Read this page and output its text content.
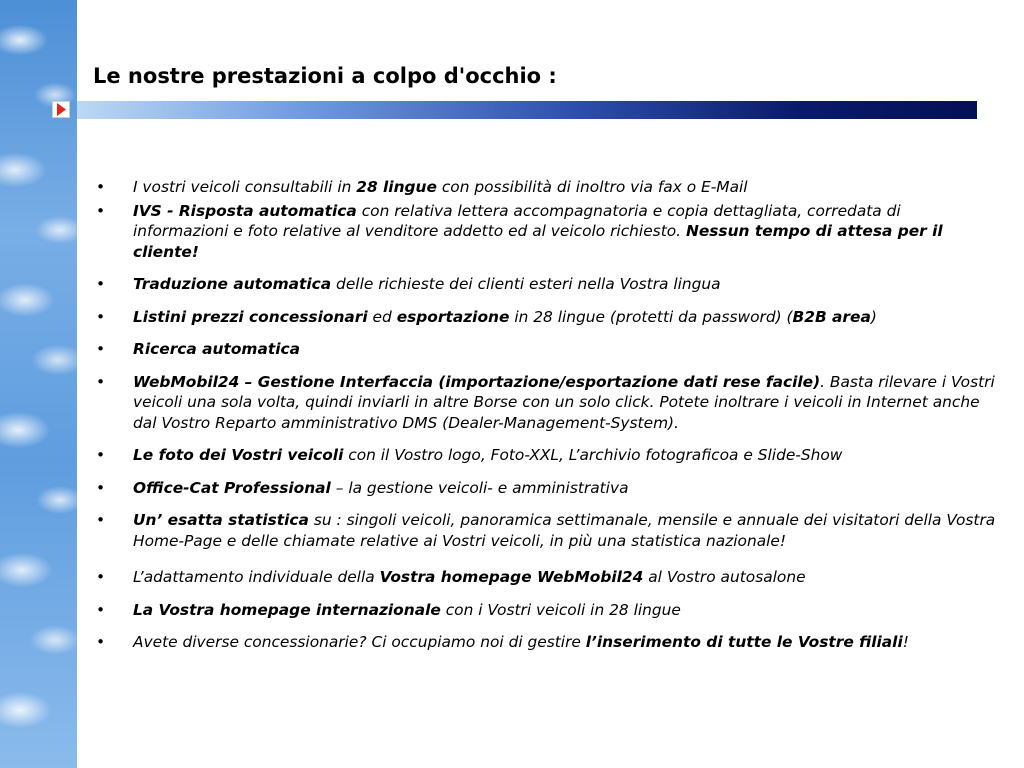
Le nostre prestazioni a colpo d'occhio :
• I vostri veicoli consultabili in 28 lingue con possibilità di inoltro via fax o E-Mail
• IVS - Risposta automatica con relativa lettera accompagnatoria e copia dettagliata, corredata di informazioni e foto relative al venditore addetto ed al veicolo richiesto. Nessun tempo di attesa per il cliente!
• Traduzione automatica delle richieste dei clienti esteri nella Vostra lingua
• Listini prezzi concessionari ed esportazione in 28 lingue (protetti da password) (B2B area)
• Ricerca automatica
• WebMobil24 – Gestione Interfaccia (importazione/esportazione dati rese facile). Basta rilevare i Vostri veicoli una sola volta, quindi inviarli in altre Borse con un solo click. Potete inoltrare i veicoli in Internet anche dal Vostro Reparto amministrativo DMS (Dealer-Management-System).
• Le foto dei Vostri veicoli con il Vostro logo, Foto-XXL, L’archivio fotograficoa e Slide-Show
• Office-Cat Professional – la gestione veicoli- e amministrativa
• Un’ esatta statistica su : singoli veicoli, panoramica settimanale, mensile e annuale dei visitatori della Vostra Home-Page e delle chiamate relative ai Vostri veicoli, in più una statistica nazionale!
• L’adattamento individuale della Vostra homepage WebMobil24 al Vostro autosalone
• La Vostra homepage internazionale con i Vostri veicoli in 28 lingue
• Avete diverse concessionarie? Ci occupiamo noi di gestire l’inserimento di tutte le Vostre filiali!
